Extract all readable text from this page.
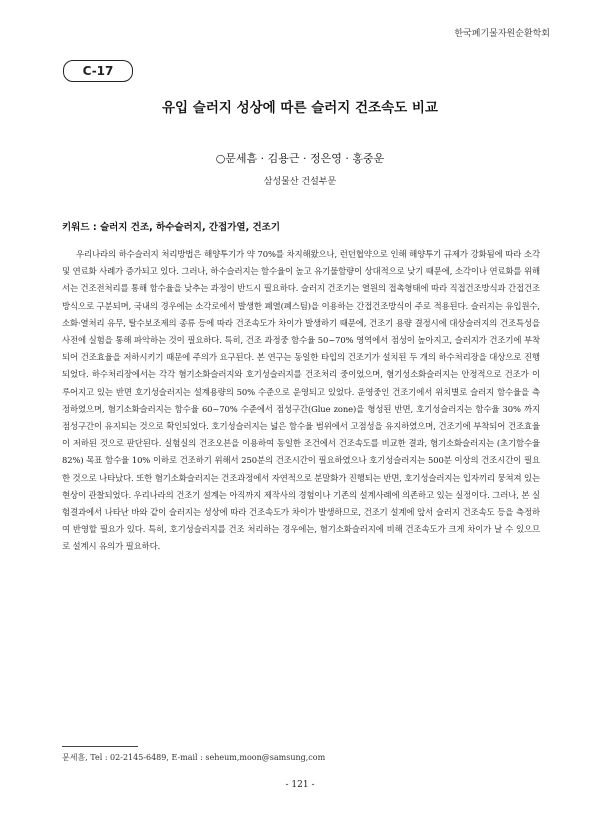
한국폐기물자원순환학회
C-17
유입 슬러지 성상에 따른 슬러지 건조속도 비교
○문세흠 · 김용근 · 정은영 · 홍중운
삼성물산 건설부문
키워드 : 슬러지 건조, 하수슬러지, 간접가열, 건조기
우리나라의 하수슬러지 처리방법은 해양투기가 약 70%를 차지해왔으나, 런던협약으로 인해 해양투기 규제가 강화됨에 따라 소각 및 연료화 사례가 증가되고 있다. 그러나, 하수슬러지는 함수율이 높고 유기물함량이 상대적으로 낮기 때문에, 소각이나 연료화를 위해서는 건조전처리를 통해 함수율을 낮추는 과정이 반드시 필요하다. 슬러지 건조기는 열원의 접촉형태에 따라 직접건조방식과 간접건조방식으로 구분되며, 국내의 경우에는 소각로에서 발생한 폐열(폐스팀)을 이용하는 간접건조방식이 주로 적용된다. 슬러지는 유입원수, 소화·열처리 유무, 탈수보조제의 종류 등에 따라 건조속도가 차이가 발생하기 때문에, 건조기 용량 결정시에 대상슬러지의 건조특성을 사전에 실험을 통해 파악하는 것이 필요하다. 특히, 건조 과정중 함수율 50~70% 영역에서 점성이 높아지고, 슬러지가 건조기에 부착되어 건조효율을 저하시키기 때문에 주의가 요구된다. 본 연구는 동일한 타입의 건조기가 설치된 두 개의 하수처리장을 대상으로 진행되었다. 하수처리장에서는 각각 혐기소화슬러지와 호기성슬러지를 건조처리 중이었으며, 혐기성소화슬러지는 안정적으로 건조가 이루어지고 있는 반면 호기성슬러지는 설계용량의 50% 수준으로 운영되고 있었다. 운영중인 건조기에서 위치별로 슬러지 함수율을 측정하였으며, 혐기소화슬러지는 함수율 60~70% 수준에서 점성구간(Glue zone)을 형성된 반면, 호기성슬러지는 함수율 30% 까지 점성구간이 유지되는 것으로 확인되었다. 호기성슬러지는 넓은 함수율 범위에서 고점성을 유지하였으며, 건조기에 부착되어 건조효율이 저하된 것으로 판단된다. 실험실의 건조오븐을 이용하여 동일한 조건에서 건조속도를 비교한 결과, 혐기소화슬러지는 (초기함수율 82%) 목표 함수율 10% 이하로 건조하기 위해서 250분의 건조시간이 필요하였으나 호기성슬러지는 500분 이상의 건조시간이 필요한 것으로 나타났다. 또한 혐기소화슬러지는 건조과정에서 자연적으로 분말화가 진행되는 반면, 호기성슬러지는 입자끼리 뭉쳐져 있는 현상이 관찰되었다. 우리나라의 건조기 설계는 아직까지 제작사의 경험이나 기존의 설계사례에 의존하고 있는 실정이다. 그러나, 본 실험결과에서 나타난 바와 같이 슬러지는 성상에 따라 건조속도가 차이가 발생하므로, 건조기 설계에 앞서 슬러지 건조속도 등을 측정하여 반영할 필요가 있다. 특히, 호기성슬러지를 건조 처리하는 경우에는, 혐기소화슬러지에 비해 건조속도가 크게 차이가 날 수 있으므로 설계시 유의가 필요하다.
문세흠, Tel : 02-2145-6489, E-mail : seheum,moon@samsung,com
- 121 -
